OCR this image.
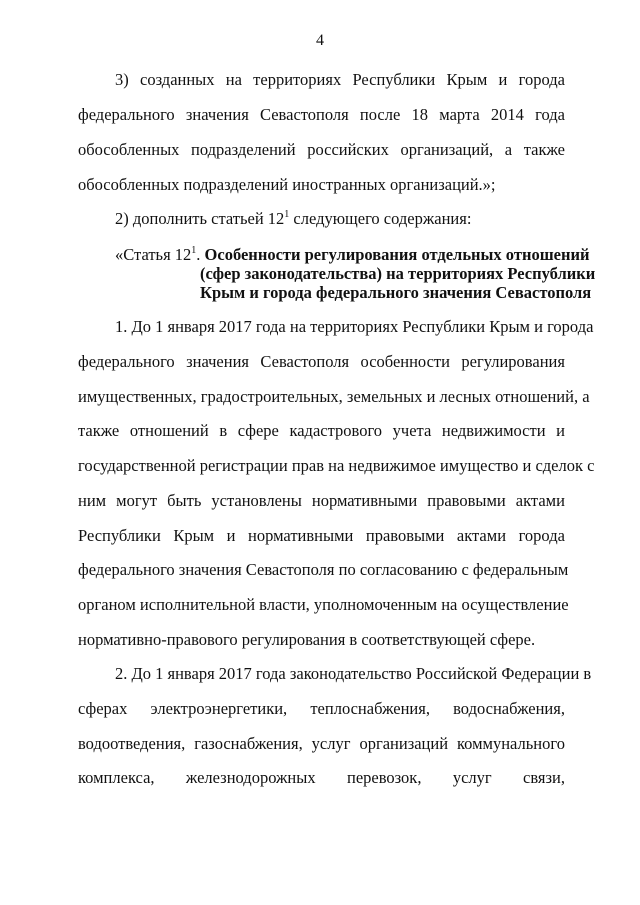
4
3) созданных на территориях Республики Крым и города
федерального значения Севастополя после 18 марта 2014 года
обособленных подразделений российских организаций, а также
обособленных подразделений иностранных организаций.»;
2) дополнить статьей $12^1$ следующего содержания:
«Статья $12^1$. Особенности регулирования отдельных отношений
(сфер законодательства) на территориях Республики
Крым и города федерального значения Севастополя
1. До 1 января 2017 года на территориях Республики Крым и города
федерального значения Севастополя особенности регулирования
имущественных, градостроительных, земельных и лесных отношений, а
также отношений в сфере кадастрового учета недвижимости и
государственной регистрации прав на недвижимое имущество и сделок с
ним могут быть установлены нормативными правовыми актами
Республики Крым и нормативными правовыми актами города
федерального значения Севастополя по согласованию с федеральным
органом исполнительной власти, уполномоченным на осуществление
нормативно-правового регулирования в соответствующей сфере.
2. До 1 января 2017 года законодательство Российской Федерации в
сферах электроэнергетики, теплоснабжения, водоснабжения,
водоотведения, газоснабжения, услуг организаций коммунального
комплекса, железнодорожных перевозок, услуг связи,
